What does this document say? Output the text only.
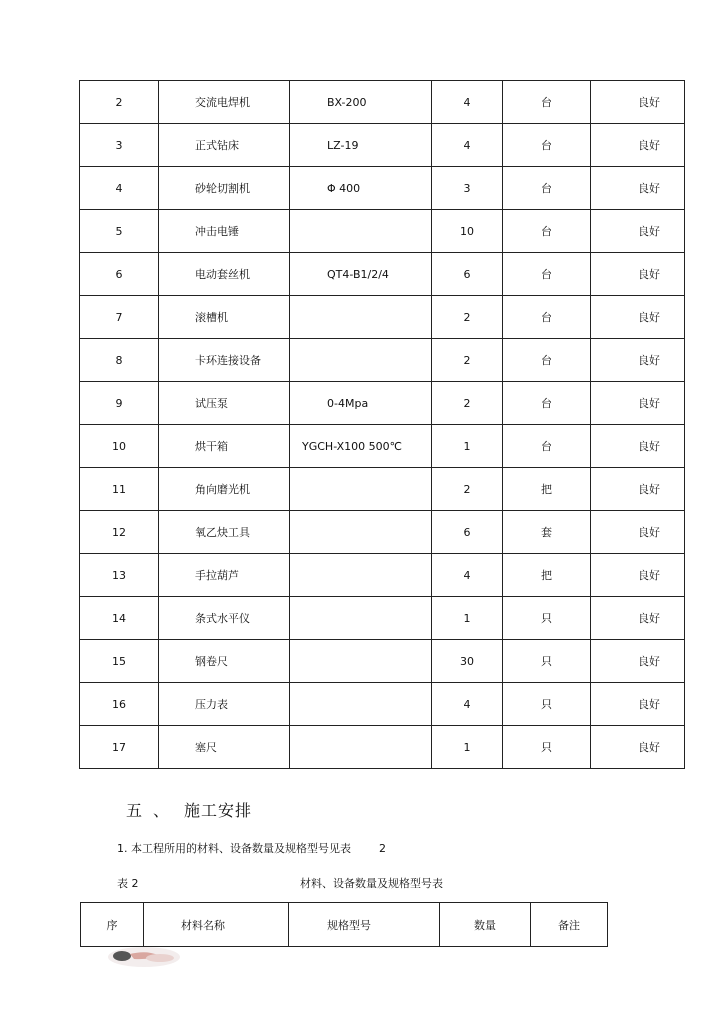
2	交流电焊机	BX-200	4	台	良好
3	正式钻床	LZ-19	4	台	良好
4	砂轮切割机	Φ 400	3	台	良好
5	冲击电锤		10	台	良好
6	电动套丝机	QT4-B1/2/4	6	台	良好
7	滚槽机		2	台	良好
8	卡环连接设备		2	台	良好
9	试压泵	0-4Mpa	2	台	良好
10	烘干箱	YGCH-X100 500℃	1	台	良好
11	角向磨光机		2	把	良好
12	氧乙炔工具		6	套	良好
13	手拉葫芦		4	把	良好
14	条式水平仪		1	只	良好
15	钢卷尺		30	只	良好
16	压力表		4	只	良好
17	塞尺		1	只	良好
五 、 施工安排
1. 本工程所用的材料、设备数量及规格型号见表	2
表 2	材料、设备数量及规格型号表
序	材料名称	规格型号	数量	备注
